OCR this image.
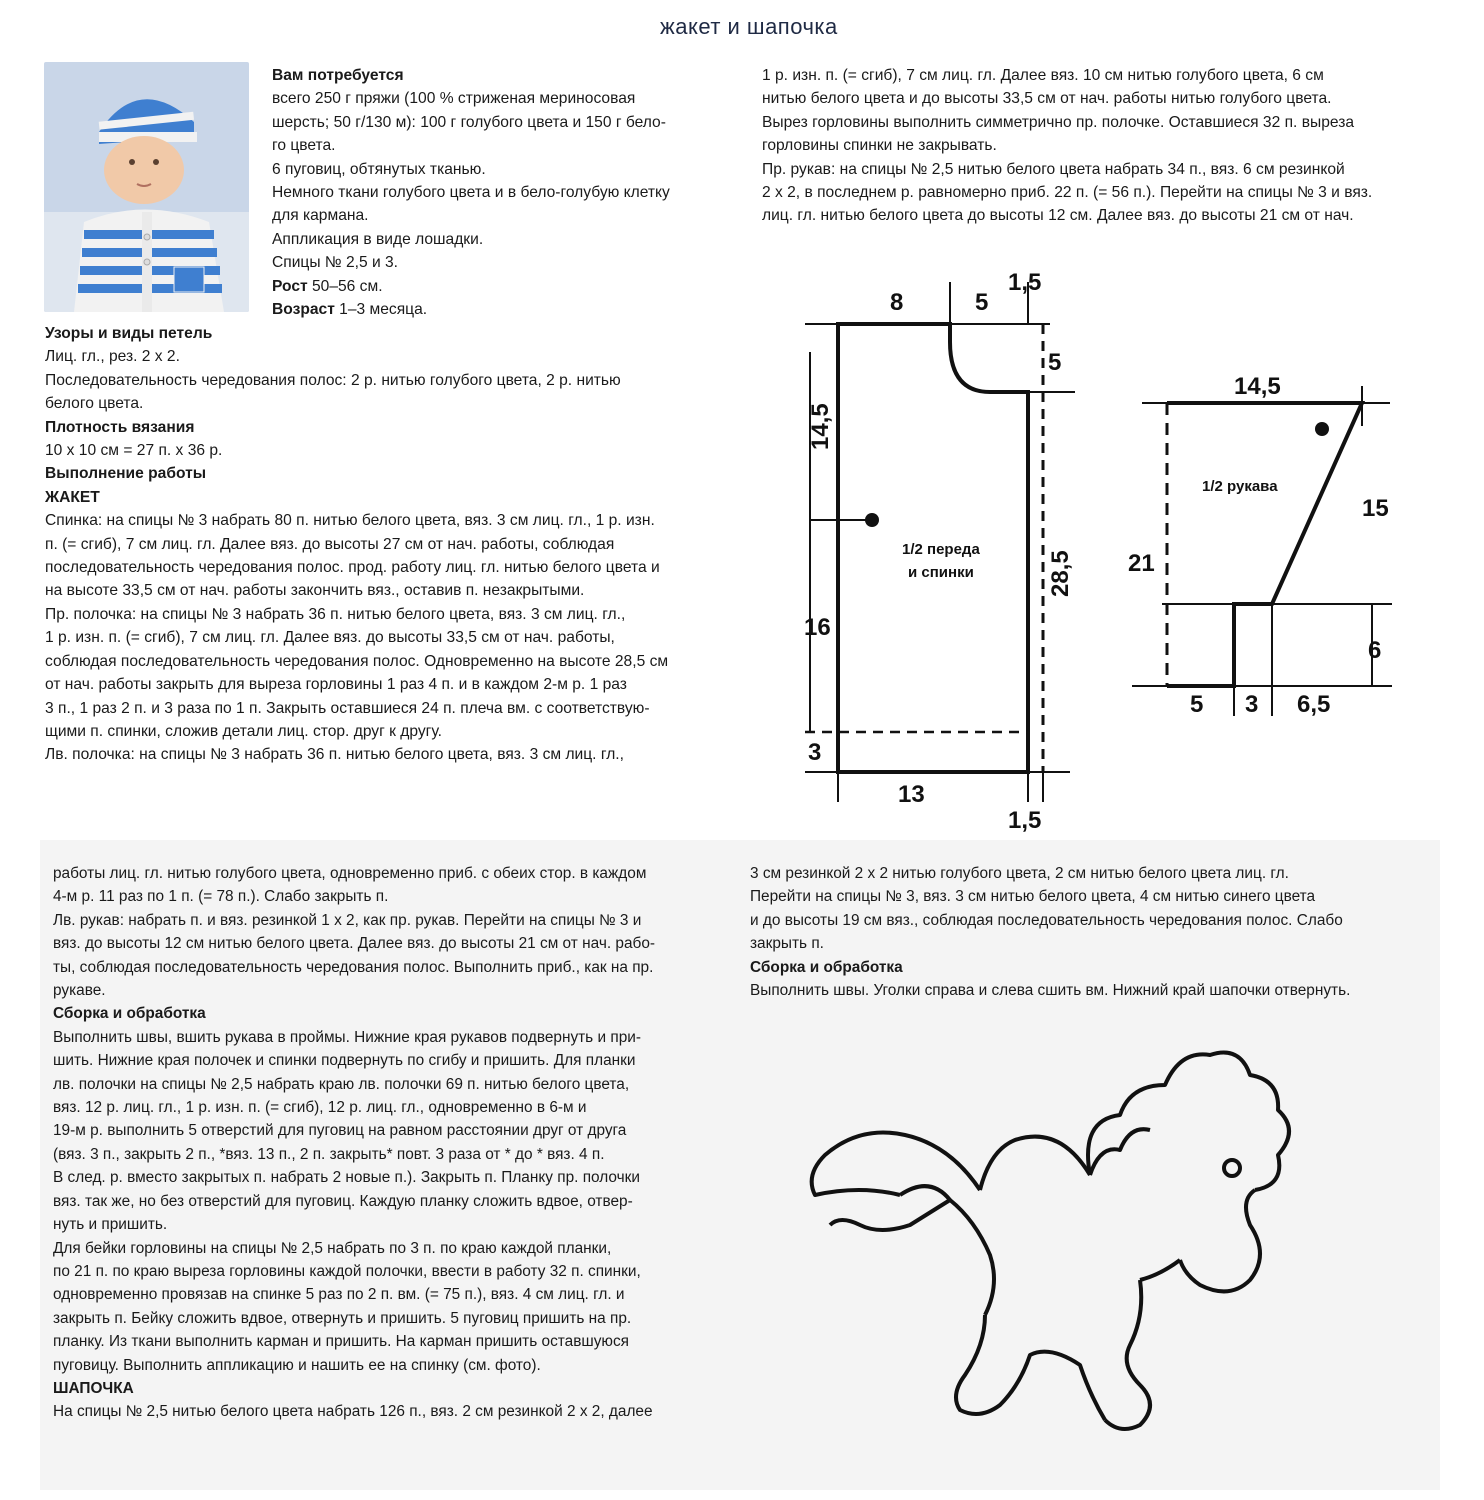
жакет и шапочка

Вам потребуется

всего 250 г пряжи (100 % стриженая мериносовая

шерсть; 50 г/130 м): 100 г голубого цвета и 150 г бело-

го цвета.

6 пуговиц, обтянутых тканью.

Немного ткани голубого цвета и в бело-голубую клетку

для кармана.

Аппликация в виде лошадки.

Спицы № 2,5 и 3.

Рост 50–56 см.

Возраст 1–3 месяца.

Узоры и виды петель

Лиц. гл., рез. 2 x 2.

Последовательность чередования полос: 2 р. нитью голубого цвета, 2 р. нитью

белого цвета.

Плотность вязания

10 x 10 см = 27 п. x 36 р.

Выполнение работы

ЖАКЕТ

Спинка: на спицы № 3 набрать 80 п. нитью белого цвета, вяз. 3 см лиц. гл., 1 р. изн.

п. (= сгиб), 7 см лиц. гл. Далее вяз. до высоты 27 см от нач. работы, соблюдая

последовательность чередования полос. прод. работу лиц. гл. нитью белого цвета и

на высоте 33,5 см от нач. работы закончить вяз., оставив п. незакрытыми.

Пр. полочка: на спицы № 3 набрать 36 п. нитью белого цвета, вяз. 3 см лиц. гл.,

1 р. изн. п. (= сгиб), 7 см лиц. гл. Далее вяз. до высоты 33,5 см от нач. работы,

соблюдая последовательность чередования полос. Одновременно на высоте 28,5 см

от нач. работы закрыть для выреза горловины 1 раз 4 п. и в каждом 2-м р. 1 раз

3 п., 1 раз 2 п. и 3 раза по 1 п. Закрыть оставшиеся 24 п. плеча вм. с соответствую-

щими п. спинки, сложив детали лиц. стор. друг к другу.

Лв. полочка: на спицы № 3 набрать 36 п. нитью белого цвета, вяз. 3 см лиц. гл.,

1 р. изн. п. (= сгиб), 7 см лиц. гл. Далее вяз. 10 см нитью голубого цвета, 6 см

нитью белого цвета и до высоты 33,5 см от нач. работы нитью голубого цвета.

Вырез горловины выполнить симметрично пр. полочке. Оставшиеся 32 п. выреза

горловины спинки не закрывать.

Пр. рукав: на спицы № 2,5 нитью белого цвета набрать 34 п., вяз. 6 см резинкой

2 x 2, в последнем р. равномерно приб. 22 п. (= 56 п.). Перейти на спицы № 3 и вяз.

лиц. гл. нитью белого цвета до высоты 12 см. Далее вяз. до высоты 21 см от нач.

8	5
1,5
5
14,5
16
3
13
1,5
28,5
1/2 переда
и спинки
14,5
1/2 рукава
15
21
6
5 3 6,5

работы лиц. гл. нитью голубого цвета, одновременно приб. с обеих стор. в каждом

4-м р. 11 раз по 1 п. (= 78 п.). Слабо закрыть п.

Лв. рукав: набрать п. и вяз. резинкой 1 x 2, как пр. рукав. Перейти на спицы № 3 и

вяз. до высоты 12 см нитью белого цвета. Далее вяз. до высоты 21 см от нач. рабо-

ты, соблюдая последовательность чередования полос. Выполнить приб., как на пр.

рукаве.

Сборка и обработка

Выполнить швы, вшить рукава в проймы. Нижние края рукавов подвернуть и при-

шить. Нижние края полочек и спинки подвернуть по сгибу и пришить. Для планки

лв. полочки на спицы № 2,5 набрать краю лв. полочки 69 п. нитью белого цвета,

вяз. 12 р. лиц. гл., 1 р. изн. п. (= сгиб), 12 р. лиц. гл., одновременно в 6-м и

19-м р. выполнить 5 отверстий для пуговиц на равном расстоянии друг от друга

(вяз. 3 п., закрыть 2 п., *вяз. 13 п., 2 п. закрыть* повт. 3 раза от * до * вяз. 4 п.

В след. р. вместо закрытых п. набрать 2 новые п.). Закрыть п. Планку пр. полочки

вяз. так же, но без отверстий для пуговиц. Каждую планку сложить вдвое, отвер-

нуть и пришить.

Для бейки горловины на спицы № 2,5 набрать по 3 п. по краю каждой планки,

по 21 п. по краю выреза горловины каждой полочки, ввести в работу 32 п. спинки,

одновременно провязав на спинке 5 раз по 2 п. вм. (= 75 п.), вяз. 4 см лиц. гл. и

закрыть п. Бейку сложить вдвое, отвернуть и пришить. 5 пуговиц пришить на пр.

планку. Из ткани выполнить карман и пришить. На карман пришить оставшуюся

пуговицу. Выполнить аппликацию и нашить ее на спинку (см. фото).

ШАПОЧКА

На спицы № 2,5 нитью белого цвета набрать 126 п., вяз. 2 см резинкой 2 x 2, далее

3 см резинкой 2 x 2 нитью голубого цвета, 2 см нитью белого цвета лиц. гл.

Перейти на спицы № 3, вяз. 3 см нитью белого цвета, 4 см нитью синего цвета

и до высоты 19 см вяз., соблюдая последовательность чередования полос. Слабо

закрыть п.

Сборка и обработка

Выполнить швы. Уголки справа и слева сшить вм. Нижний край шапочки отвернуть.
